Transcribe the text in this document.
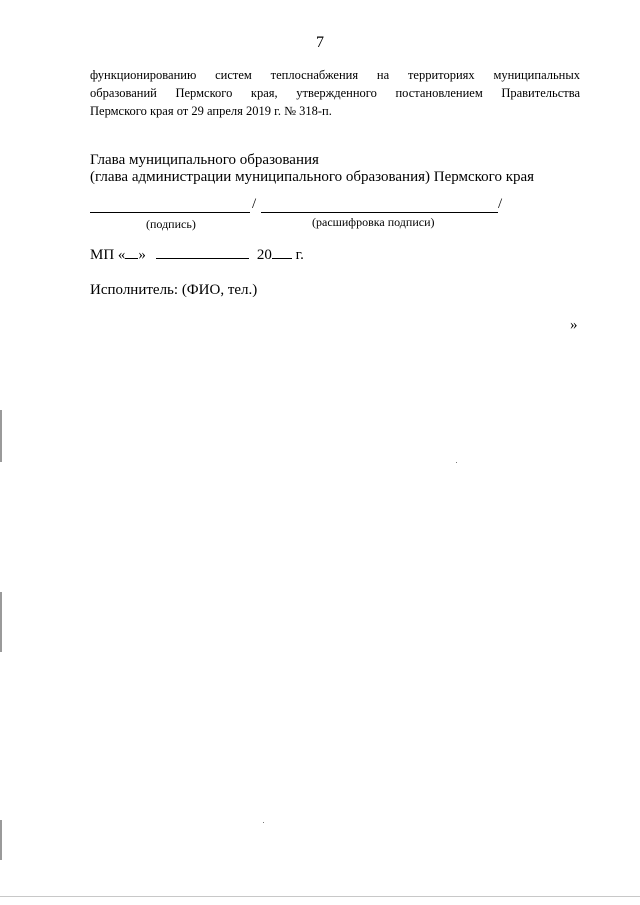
7
функционированию систем теплоснабжения на территориях муниципальных
образований Пермского края, утвержденного постановлением Правительства
Пермского края от 29 апреля 2019 г. № 318-п.
Глава муниципального образования
(глава администрации муниципального образования) Пермского края
/	/
(подпись)	(расшифровка подписи)
МП « »	20 г.
Исполнитель: (ФИО, тел.)
»
